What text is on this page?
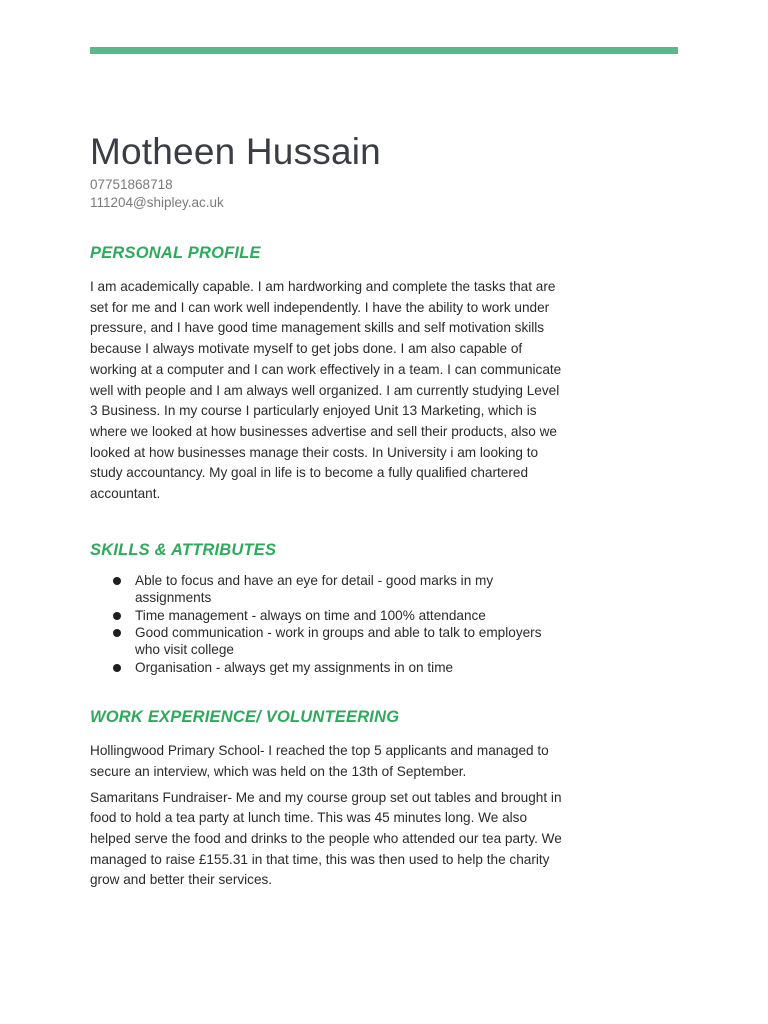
Motheen Hussain
07751868718
111204@shipley.ac.uk
PERSONAL PROFILE

I am academically capable. I am hardworking and complete the tasks that are set for me and I can work well independently. I have the ability to work under pressure, and I have good time management skills and self motivation skills because I always motivate myself to get jobs done. I am also capable of working at a computer and I can work effectively in a team. I can communicate well with people and I am always well organized. I am currently studying Level 3 Business. In my course I particularly enjoyed Unit 13 Marketing, which is where we looked at how businesses advertise and sell their products, also we looked at how businesses manage their costs. In University i am looking to study accountancy. My goal in life is to become a fully qualified chartered accountant.

SKILLS & ATTRIBUTES
Able to focus and have an eye for detail - good marks in my assignments
Time management - always on time and 100% attendance
Good communication - work in groups and able to talk to employers who visit college
Organisation - always get my assignments in on time
WORK EXPERIENCE/ VOLUNTEERING

Hollingwood Primary School- I reached the top 5 applicants and managed to secure an interview, which was held on the 13th of September.

Samaritans Fundraiser- Me and my course group set out tables and brought in food to hold a tea party at lunch time. This was 45 minutes long. We also helped serve the food and drinks to the people who attended our tea party. We managed to raise £155.31 in that time, this was then used to help the charity grow and better their services.
